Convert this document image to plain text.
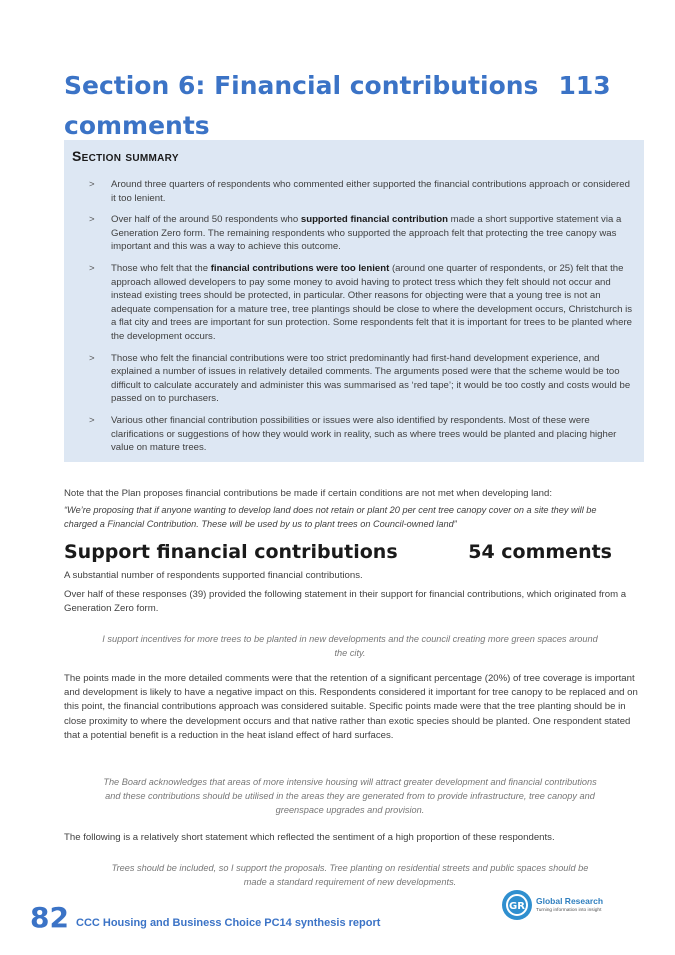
Section 6: Financial contributions 113 comments
Section summary
> Around three quarters of respondents who commented either supported the financial contributions approach or considered it too lenient.
> Over half of the around 50 respondents who supported financial contribution made a short supportive statement via a Generation Zero form. The remaining respondents who supported the approach felt that protecting the tree canopy was important and this was a way to achieve this outcome.
> Those who felt that the financial contributions were too lenient (around one quarter of respondents, or 25) felt that the approach allowed developers to pay some money to avoid having to protect tress which they felt should not occur and instead existing trees should be protected, in particular. Other reasons for objecting were that a young tree is not an adequate compensation for a mature tree, tree plantings should be close to where the development occurs, Christchurch is a flat city and trees are important for sun protection. Some respondents felt that it is important for trees to be planted where the development occurs.
> Those who felt the financial contributions were too strict predominantly had first-hand development experience, and explained a number of issues in relatively detailed comments. The arguments posed were that the scheme would be too difficult to calculate accurately and administer this was summarised as ‘red tape’; it would be too costly and costs would be passed on to purchasers.
> Various other financial contribution possibilities or issues were also identified by respondents. Most of these were clarifications or suggestions of how they would work in reality, such as where trees would be planted and placing higher value on mature trees.
Note that the Plan proposes financial contributions be made if certain conditions are not met when developing land:
“We’re proposing that if anyone wanting to develop land does not retain or plant 20 per cent tree canopy cover on a site they will be charged a Financial Contribution. These will be used by us to plant trees on Council-owned land”
Support financial contributions	54 comments
A substantial number of respondents supported financial contributions.
Over half of these responses (39) provided the following statement in their support for financial contributions, which originated from a Generation Zero form.
I support incentives for more trees to be planted in new developments and the council creating more green spaces around the city.
The points made in the more detailed comments were that the retention of a significant percentage (20%) of tree coverage is important and development is likely to have a negative impact on this. Respondents considered it important for tree canopy to be replaced and on this point, the financial contributions approach was considered suitable. Specific points made were that the tree planting should be in close proximity to where the development occurs and that native rather than exotic species should be planted. One respondent stated that a potential benefit is a reduction in the heat island effect of hard surfaces.
The Board acknowledges that areas of more intensive housing will attract greater development and financial contributions and these contributions should be utilised in the areas they are generated from to provide infrastructure, tree canopy and greenspace upgrades and provision.
The following is a relatively short statement which reflected the sentiment of a high proportion of these respondents.
Trees should be included, so I support the proposals. Tree planting on residential streets and public spaces should be made a standard requirement of new developments.
82 CCC Housing and Business Choice PC14 synthesis report
GR Global Research
Turning information into insight
